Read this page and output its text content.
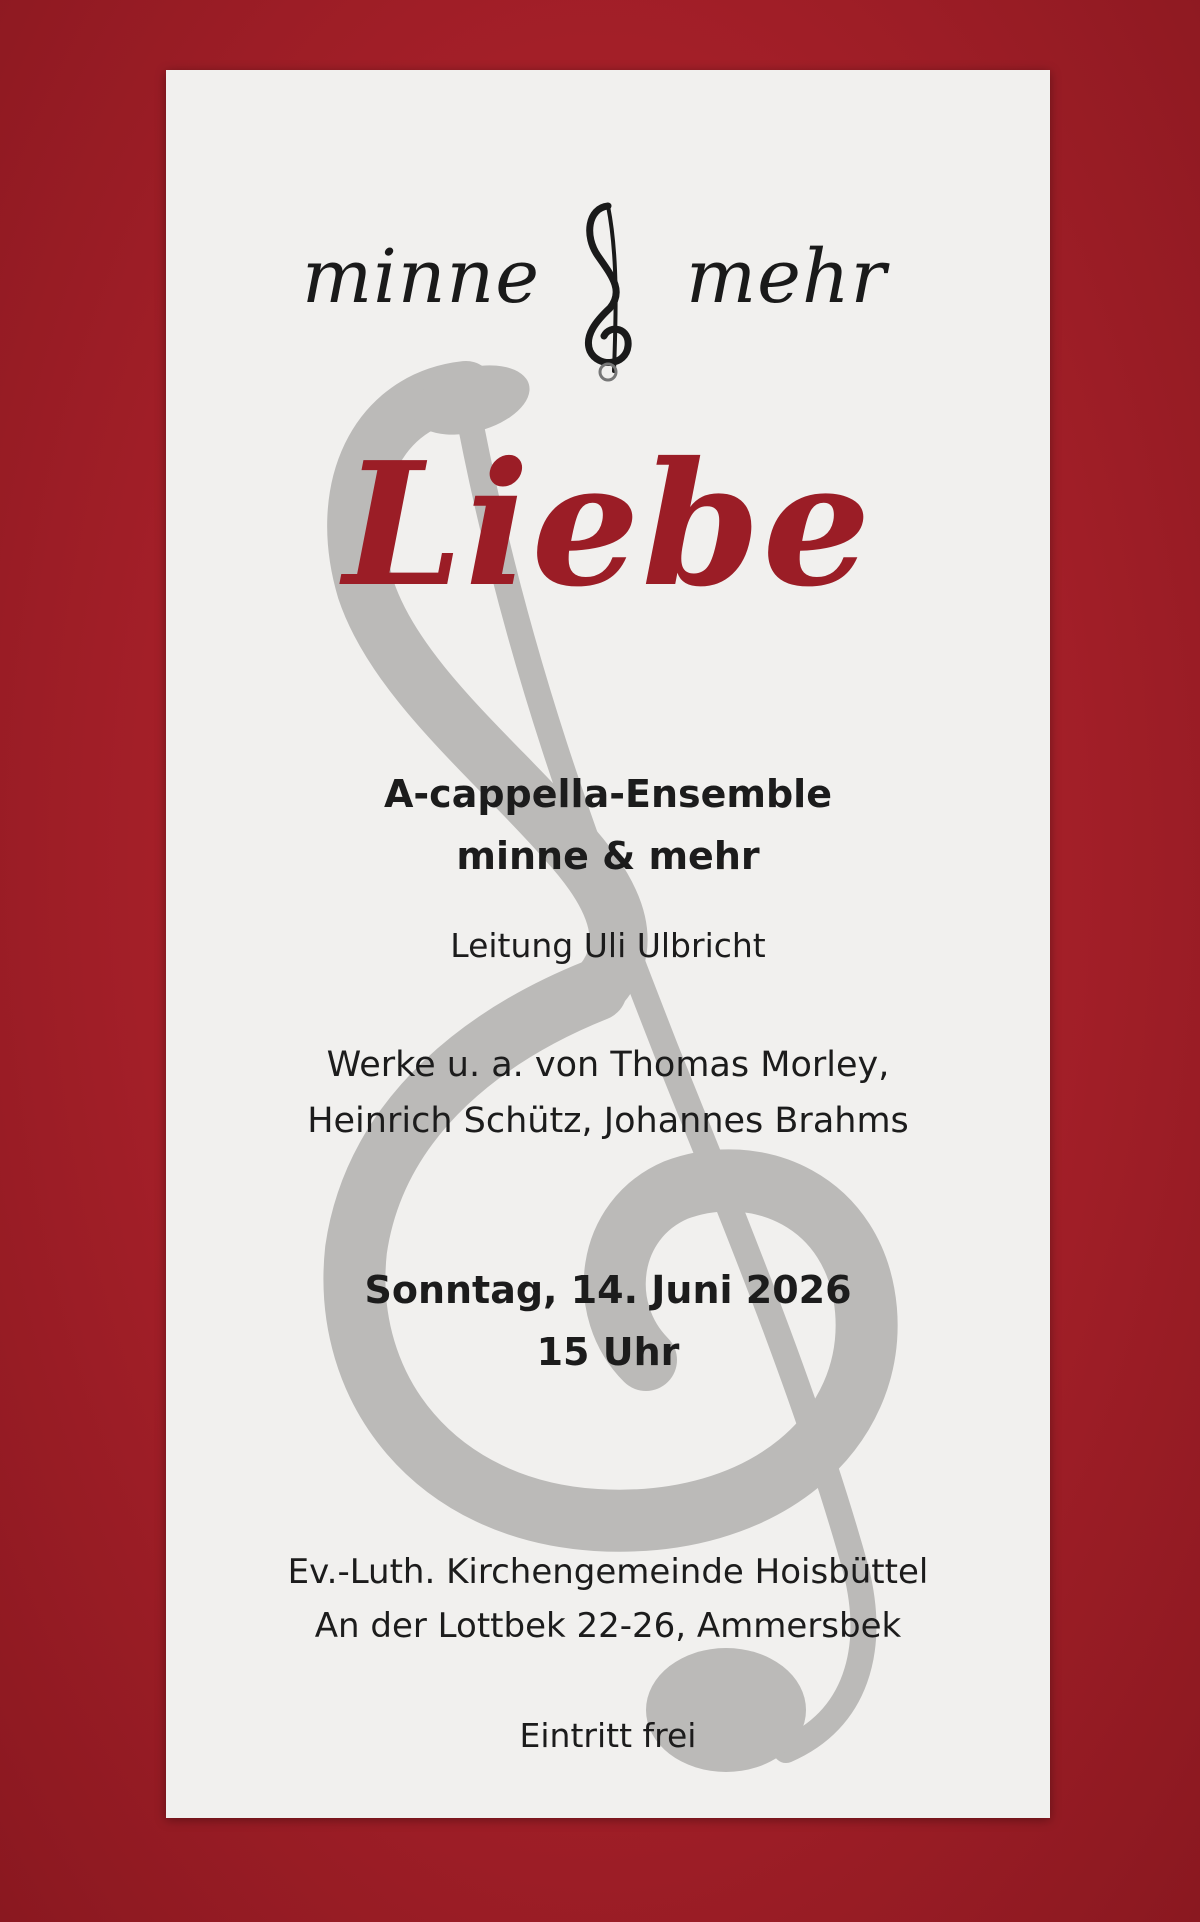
minne mehr
Liebe
A-cappella-Ensemble
minne & mehr
Leitung Uli Ulbricht
Werke u. a. von Thomas Morley,
Heinrich Schütz, Johannes Brahms
Sonntag, 14. Juni 2026
15 Uhr
Ev.-Luth. Kirchengemeinde Hoisbüttel
An der Lottbek 22-26, Ammersbek
Eintritt frei
